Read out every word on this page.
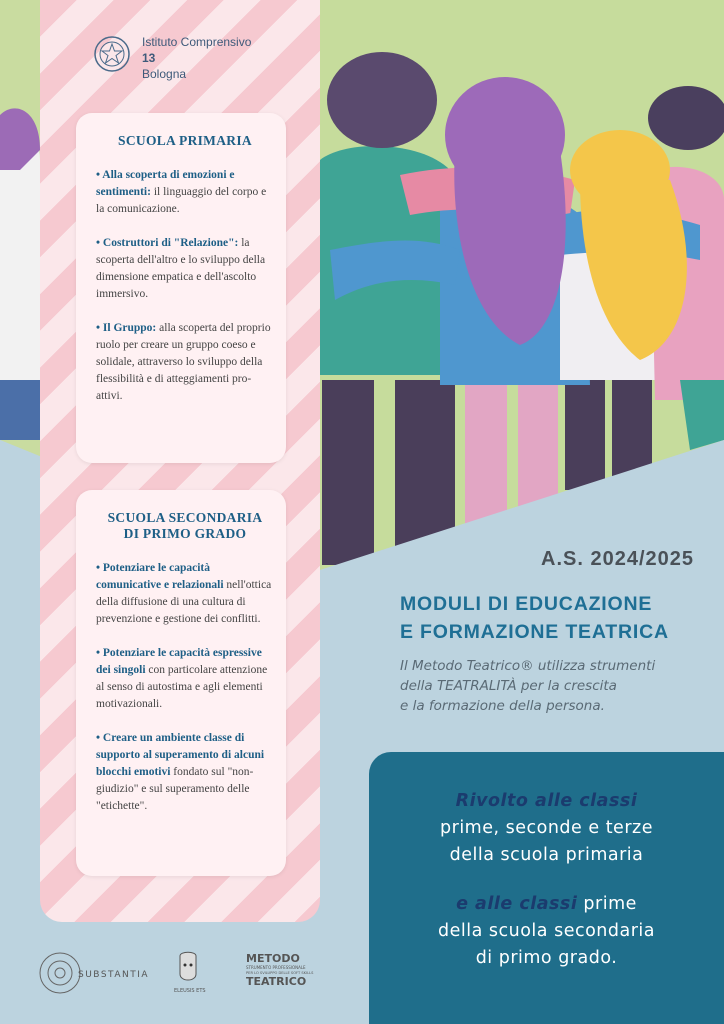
Istituto Comprensivo
13
Bologna
SCUOLA PRIMARIA
• Alla scoperta di emozioni e sentimenti: il linguaggio del corpo e la comunicazione.
• Costruttori di "Relazione": la scoperta dell'altro e lo sviluppo della dimensione empatica e dell'ascolto immersivo.
• Il Gruppo: alla scoperta del proprio ruolo per creare un gruppo coeso e solidale, attraverso lo sviluppo della flessibilità e di atteggiamenti pro-attivi.
SCUOLA SECONDARIA DI PRIMO GRADO
• Potenziare le capacità comunicative e relazionali nell'ottica della diffusione di una cultura di prevenzione e gestione dei conflitti.
• Potenziare le capacità espressive dei singoli con particolare attenzione al senso di autostima e agli elementi motivazionali.
• Creare un ambiente classe di supporto al superamento di alcuni blocchi emotivi fondato sul "non-giudizio" e sul superamento delle "etichette".
A.S. 2024/2025
MODULI DI EDUCAZIONE
E FORMAZIONE TEATRICA
Il Metodo Teatrico® utilizza strumenti
della TEATRALITÀ per la crescita
e la formazione della persona.
Rivolto alle classi
prime, seconde e terze
della scuola primaria
e alle classi prime
della scuola secondaria
di primo grado.
SUBSTANTIA
ELEUSIS ETS
METODO
STRUMENTO PROFESSIONALE
PER LO SVILUPPO DELLE SOFT SKILLS
TEATRICO
